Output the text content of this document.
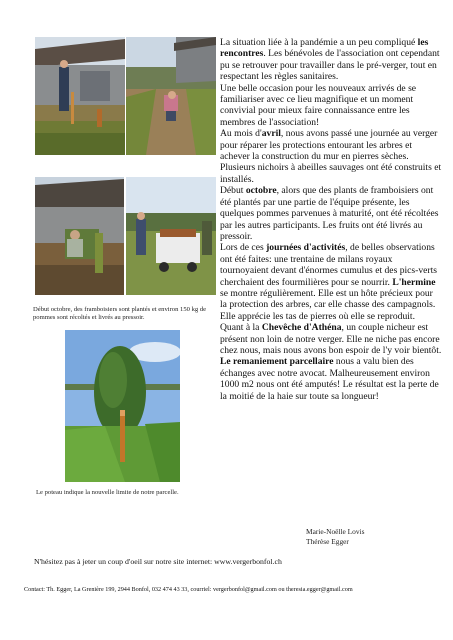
Début octobre, des framboisiers sont plantés et environ 150 kg de pommes sont récoltés et livrés au pressoir.
Le poteau indique la nouvelle limite de notre parcelle.

La situation liée à la pandémie a un peu compliqué les rencontres. Les bénévoles de l'association ont cependant pu se retrouver pour travailler dans le pré-verger, tout en respectant les règles sanitaires.

Une belle occasion pour les nouveaux arrivés de se familiariser avec ce lieu magnifique et un moment convivial pour mieux faire connaissance entre les membres de l'association!

Au mois d'avril, nous avons passé une journée au verger pour réparer les protections entourant les arbres et achever la construction du mur en pierres sèches. Plusieurs nichoirs à abeilles sauvages ont été construits et installés.

Début octobre, alors que des plants de framboisiers ont été plantés par une partie de l'équipe présente, les quelques pommes parvenues à maturité, ont été récoltées par les autres participants. Les fruits ont été livrés au pressoir.

Lors de ces journées d'activités, de belles observations ont été faites: une trentaine de milans royaux tournoyaient devant d'énormes cumulus et des pics-verts cherchaient des fourmilières pour se nourrir. L'hermine se montre régulièrement. Elle est un hôte précieux pour la protection des arbres, car elle chasse des campagnols. Elle apprécie les tas de pierres où elle se reproduit.

Quant à la Chevêche d'Athéna, un couple nicheur est présent non loin de notre verger. Elle ne niche pas encore chez nous, mais nous avons bon espoir de l'y voir bientôt.

Le remaniement parcellaire nous a valu bien des échanges avec notre avocat. Malheureusement environ 1000 m2 nous ont été amputés! Le résultat est la perte de la moitié de la haie sur toute sa longueur!

Marie-Noëlle Lovis
Thérèse Egger
N'hésitez pas à jeter un coup d'oeil sur notre site internet: www.vergerbonfol.ch
Contact: Th. Egger, La Grenière 199, 2944 Bonfol, 032 474 43 33, courriel: vergerbonfol@gmail.com ou theresia.egger@gmail.com
